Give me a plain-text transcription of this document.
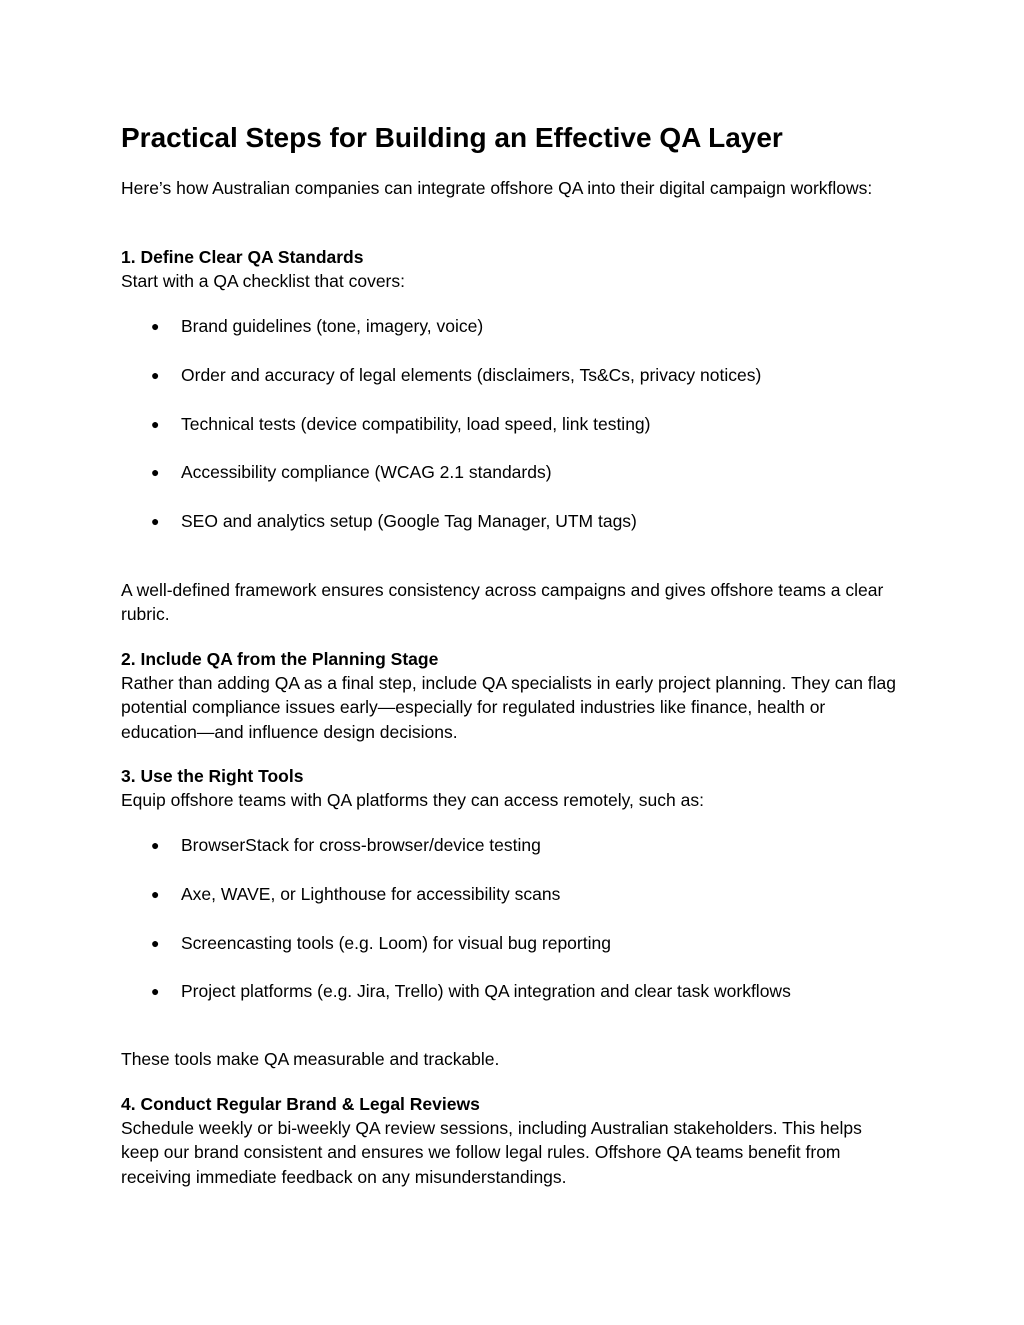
Practical Steps for Building an Effective QA Layer

Here’s how Australian companies can integrate offshore QA into their digital campaign workflows:

1. Define Clear QA Standards

Start with a QA checklist that covers:

● Brand guidelines (tone, imagery, voice)
● Order and accuracy of legal elements (disclaimers, Ts&Cs, privacy notices)
● Technical tests (device compatibility, load speed, link testing)
● Accessibility compliance (WCAG 2.1 standards)
● SEO and analytics setup (Google Tag Manager, UTM tags)

A well‑defined framework ensures consistency across campaigns and gives offshore teams a clear rubric.

2. Include QA from the Planning Stage

Rather than adding QA as a final step, include QA specialists in early project planning. They can flag potential compliance issues early—especially for regulated industries like finance, health or education—and influence design decisions.

3. Use the Right Tools

Equip offshore teams with QA platforms they can access remotely, such as:

● BrowserStack for cross‑browser/device testing
● Axe, WAVE, or Lighthouse for accessibility scans
● Screencasting tools (e.g. Loom) for visual bug reporting
● Project platforms (e.g. Jira, Trello) with QA integration and clear task workflows

These tools make QA measurable and trackable.

4. Conduct Regular Brand & Legal Reviews

Schedule weekly or bi‑weekly QA review sessions, including Australian stakeholders. This helps keep our brand consistent and ensures we follow legal rules. Offshore QA teams benefit from receiving immediate feedback on any misunderstandings.
